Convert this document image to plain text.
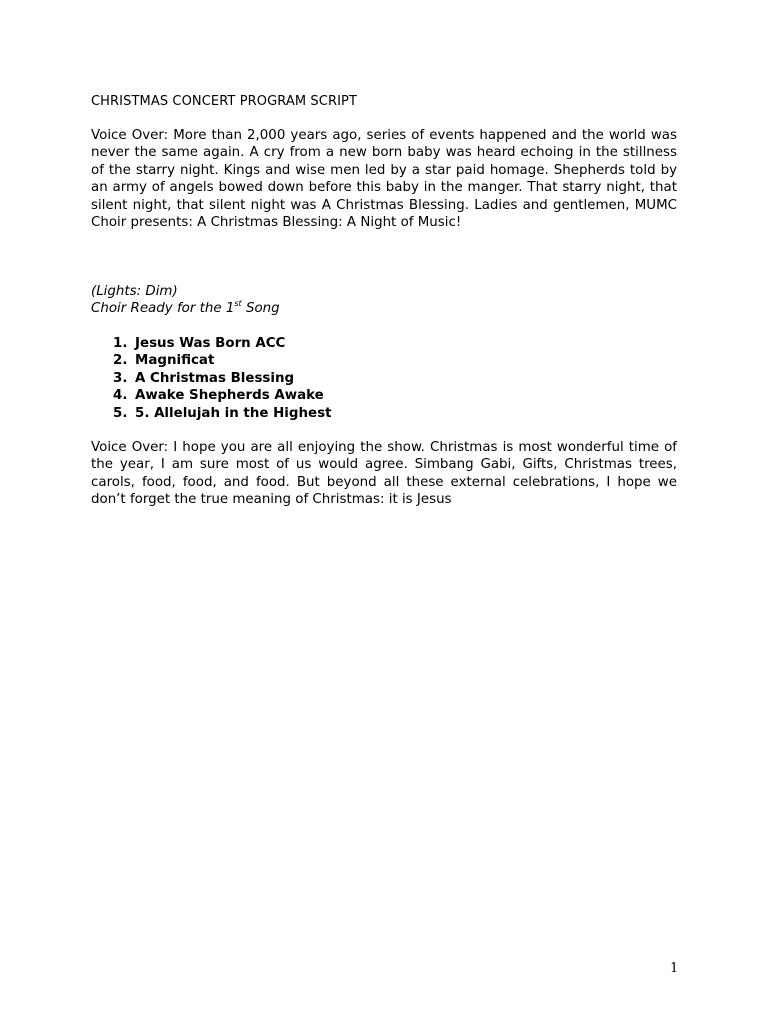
CHRISTMAS CONCERT PROGRAM SCRIPT
Voice Over: More than 2,000 years ago, series of events happened and the world was never the same again. A cry from a new born baby was heard echoing in the stillness of the starry night. Kings and wise men led by a star paid homage. Shepherds told by an army of angels bowed down before this baby in the manger. That starry night, that silent night, that silent night was A Christmas Blessing. Ladies and gentlemen, MUMC Choir presents: A Christmas Blessing: A Night of Music!
(Lights: Dim)
Choir Ready for the 1st Song
1. Jesus Was Born ACC
2. Magnificat
3. A Christmas Blessing
4. Awake Shepherds Awake
5. 5. Allelujah in the Highest
Voice Over: I hope you are all enjoying the show. Christmas is most wonderful time of the year, I am sure most of us would agree. Simbang Gabi, Gifts, Christmas trees, carols, food, food, and food. But beyond all these external celebrations, I hope we don’t forget the true meaning of Christmas: it is Jesus
1
